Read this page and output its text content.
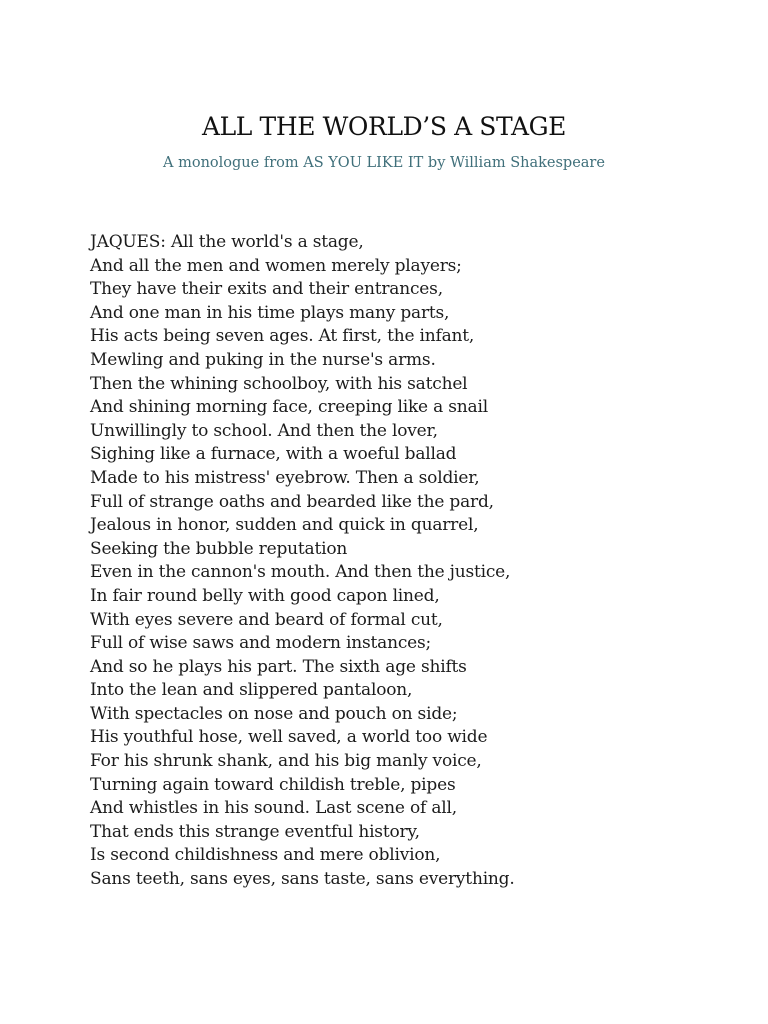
ALL THE WORLD’S A STAGE

A monologue from AS YOU LIKE IT by William Shakespeare

JAQUES: All the world's a stage,
And all the men and women merely players;
They have their exits and their entrances,
And one man in his time plays many parts,
His acts being seven ages. At first, the infant,
Mewling and puking in the nurse's arms.
Then the whining schoolboy, with his satchel
And shining morning face, creeping like a snail
Unwillingly to school. And then the lover,
Sighing like a furnace, with a woeful ballad
Made to his mistress' eyebrow. Then a soldier,
Full of strange oaths and bearded like the pard,
Jealous in honor, sudden and quick in quarrel,
Seeking the bubble reputation
Even in the cannon's mouth. And then the justice,
In fair round belly with good capon lined,
With eyes severe and beard of formal cut,
Full of wise saws and modern instances;
And so he plays his part. The sixth age shifts
Into the lean and slippered pantaloon,
With spectacles on nose and pouch on side;
His youthful hose, well saved, a world too wide
For his shrunk shank, and his big manly voice,
Turning again toward childish treble, pipes
And whistles in his sound. Last scene of all,
That ends this strange eventful history,
Is second childishness and mere oblivion,
Sans teeth, sans eyes, sans taste, sans everything.
